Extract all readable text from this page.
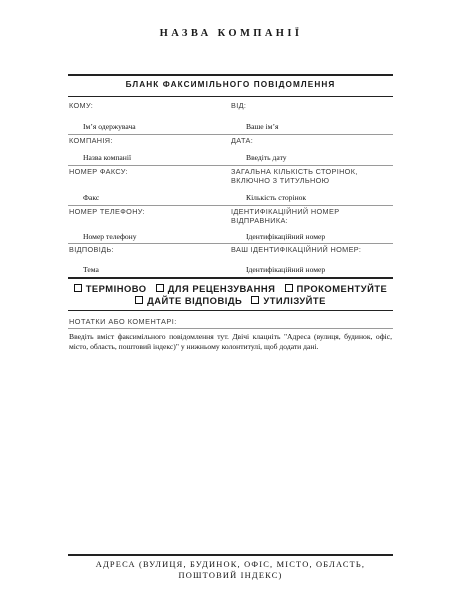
НАЗВА КОМПАНІЇ
БЛАНК ФАКСИМІЛЬНОГО ПОВІДОМЛЕННЯ
КОМУ:	ВІД:
Ім’я одержувача	Ваше ім’я
КОМПАНІЯ:	ДАТА:
Назва компанії	Введіть дату
НОМЕР ФАКСУ:	ЗАГАЛЬНА КІЛЬКІСТЬ СТОРІНОК,
ВКЛЮЧНО З ТИТУЛЬНОЮ
Факс	Кількість сторінок
НОМЕР ТЕЛЕФОНУ:	ІДЕНТИФІКАЦІЙНИЙ НОМЕР
ВІДПРАВНИКА:
Номер телефону	Ідентифікаційний номер
ВІДПОВІДЬ:	ВАШ ІДЕНТИФІКАЦІЙНИЙ НОМЕР:
Тема	Ідентифікаційний номер
ТЕРМІНОВО ДЛЯ РЕЦЕНЗУВАННЯ ПРОКОМЕНТУЙТЕ
ДАЙТЕ ВІДПОВІДЬ УТИЛІЗУЙТЕ
НОТАТКИ АБО КОМЕНТАРІ:
Введіть вміст факсимільного повідомлення тут. Двічі клацніть "Адреса (вулиця, будинок, офіс, місто, область, поштовий індекс)" у нижньому колонтитулі, щоб додати дані.
АДРЕСА (ВУЛИЦЯ, БУДИНОК, ОФІС, МІСТО, ОБЛАСТЬ,
ПОШТОВИЙ ІНДЕКС)
